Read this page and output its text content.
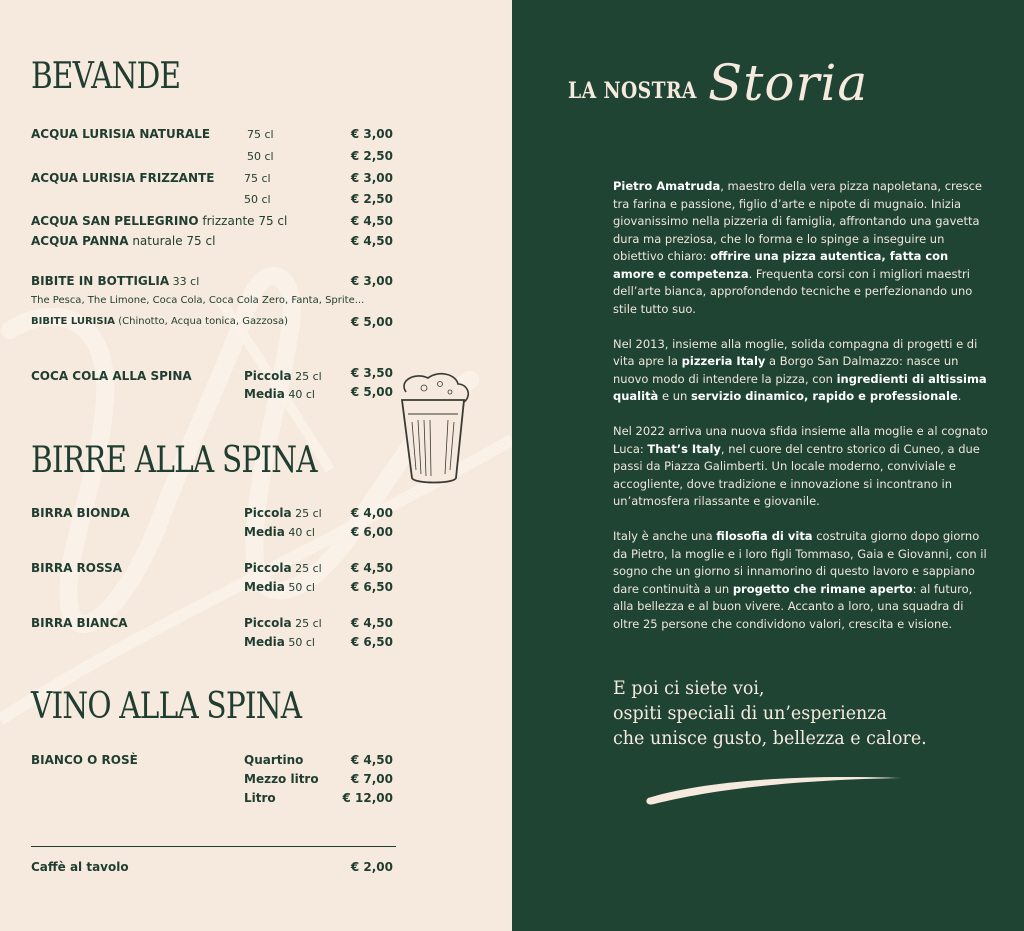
BEVANDE
ACQUA LURISIA NATURALE	75 cl	€ 3,00
50 cl	€ 2,50
ACQUA LURISIA FRIZZANTE	75 cl	€ 3,00
50 cl	€ 2,50
ACQUA SAN PELLEGRINO frizzante 75 cl	€ 4,50
ACQUA PANNA naturale 75 cl	€ 4,50
BIBITE IN BOTTIGLIA 33 cl	€ 3,00
The Pesca, The Limone, Coca Cola, Coca Cola Zero, Fanta, Sprite...
BIBITE LURISIA (Chinotto, Acqua tonica, Gazzosa)	€ 5,00
COCA COLA ALLA SPINA	Piccola 25 cl	€ 3,50
Media 40 cl	€ 5,00
BIRRE ALLA SPINA
BIRRA BIONDA	Piccola 25 cl	€ 4,00
Media 40 cl	€ 6,00
BIRRA ROSSA	Piccola 25 cl	€ 4,50
Media 50 cl	€ 6,50
BIRRA BIANCA	Piccola 25 cl	€ 4,50
Media 50 cl	€ 6,50
VINO ALLA SPINA
BIANCO O ROSÈ	Quartino	€ 4,50
Mezzo litro	€ 7,00
Litro	€ 12,00
Caffè al tavolo	€ 2,00
LA NOSTRA Storia

Pietro Amatruda, maestro della vera pizza napoletana, cresce tra farina e passione, figlio d’arte e nipote di mugnaio. Inizia giovanissimo nella pizzeria di famiglia, affrontando una gavetta dura ma preziosa, che lo forma e lo spinge a inseguire un obiettivo chiaro: offrire una pizza autentica, fatta con amore e competenza. Frequenta corsi con i migliori maestri dell’arte bianca, approfondendo tecniche e perfezionando uno stile tutto suo.

Nel 2013, insieme alla moglie, solida compagna di progetti e di vita apre la pizzeria Italy a Borgo San Dalmazzo: nasce un nuovo modo di intendere la pizza, con ingredienti di altissima qualità e un servizio dinamico, rapido e professionale.

Nel 2022 arriva una nuova sfida insieme alla moglie e al cognato Luca: That’s Italy, nel cuore del centro storico di Cuneo, a due passi da Piazza Galimberti. Un locale moderno, conviviale e accogliente, dove tradizione e innovazione si incontrano in un’atmosfera rilassante e giovanile.

Italy è anche una filosofia di vita costruita giorno dopo giorno da Pietro, la moglie e i loro figli Tommaso, Gaia e Giovanni, con il sogno che un giorno si innamorino di questo lavoro e sappiano dare continuità a un progetto che rimane aperto: al futuro, alla bellezza e al buon vivere. Accanto a loro, una squadra di oltre 25 persone che condividono valori, crescita e visione.

E poi ci siete voi,
ospiti speciali di un’esperienza
che unisce gusto, bellezza e calore.
